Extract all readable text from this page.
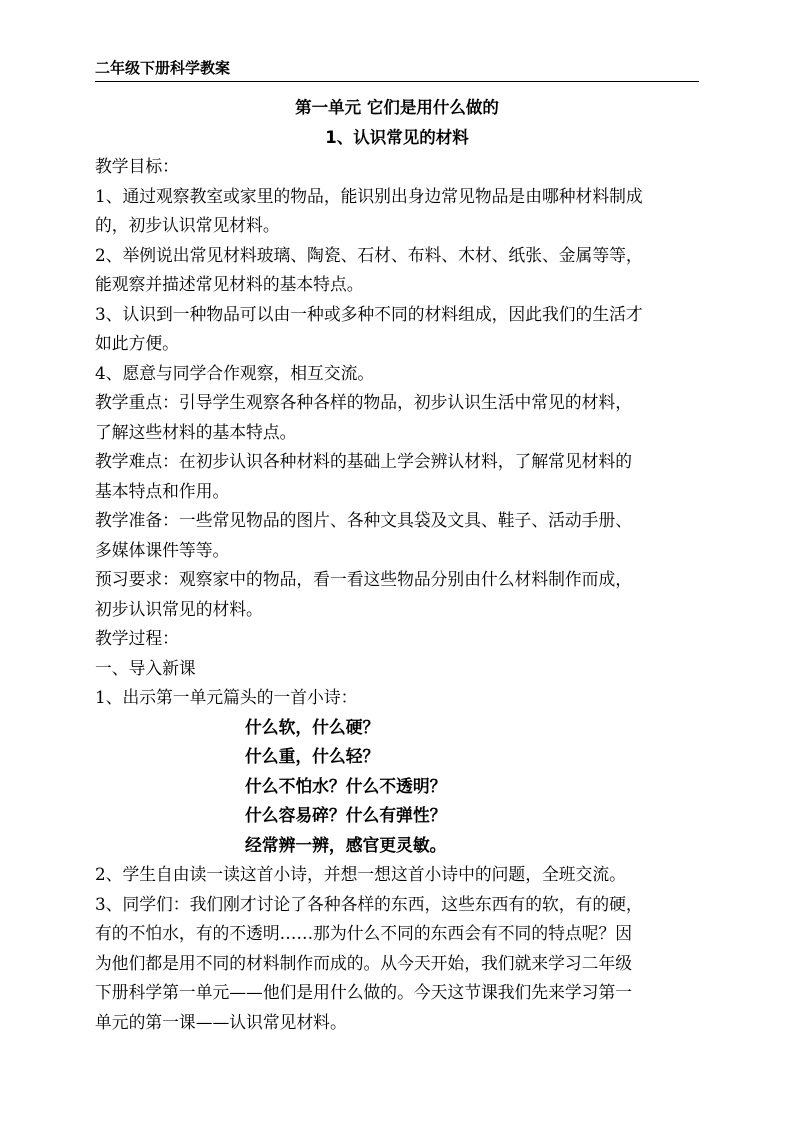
二年级下册科学教案
第一单元 它们是用什么做的
1、认识常见的材料
教学目标：
1、通过观察教室或家里的物品，能识别出身边常见物品是由哪种材料制成
的，初步认识常见材料。
2、举例说出常见材料玻璃、陶瓷、石材、布料、木材、纸张、金属等等，
能观察并描述常见材料的基本特点。
3、认识到一种物品可以由一种或多种不同的材料组成，因此我们的生活才
如此方便。
4、愿意与同学合作观察，相互交流。
教学重点：引导学生观察各种各样的物品，初步认识生活中常见的材料，
了解这些材料的基本特点。
教学难点：在初步认识各种材料的基础上学会辨认材料，了解常见材料的
基本特点和作用。
教学准备：一些常见物品的图片、各种文具袋及文具、鞋子、活动手册、
多媒体课件等等。
预习要求：观察家中的物品，看一看这些物品分别由什么材料制作而成，
初步认识常见的材料。
教学过程：
一、导入新课
1、出示第一单元篇头的一首小诗：
什么软，什么硬？
什么重，什么轻？
什么不怕水？什么不透明？
什么容易碎？什么有弹性？
经常辨一辨，感官更灵敏。
2、学生自由读一读这首小诗，并想一想这首小诗中的问题，全班交流。
3、同学们：我们刚才讨论了各种各样的东西，这些东西有的软，有的硬，
有的不怕水，有的不透明……那为什么不同的东西会有不同的特点呢？因
为他们都是用不同的材料制作而成的。从今天开始，我们就来学习二年级
下册科学第一单元——他们是用什么做的。今天这节课我们先来学习第一
单元的第一课——认识常见材料。
